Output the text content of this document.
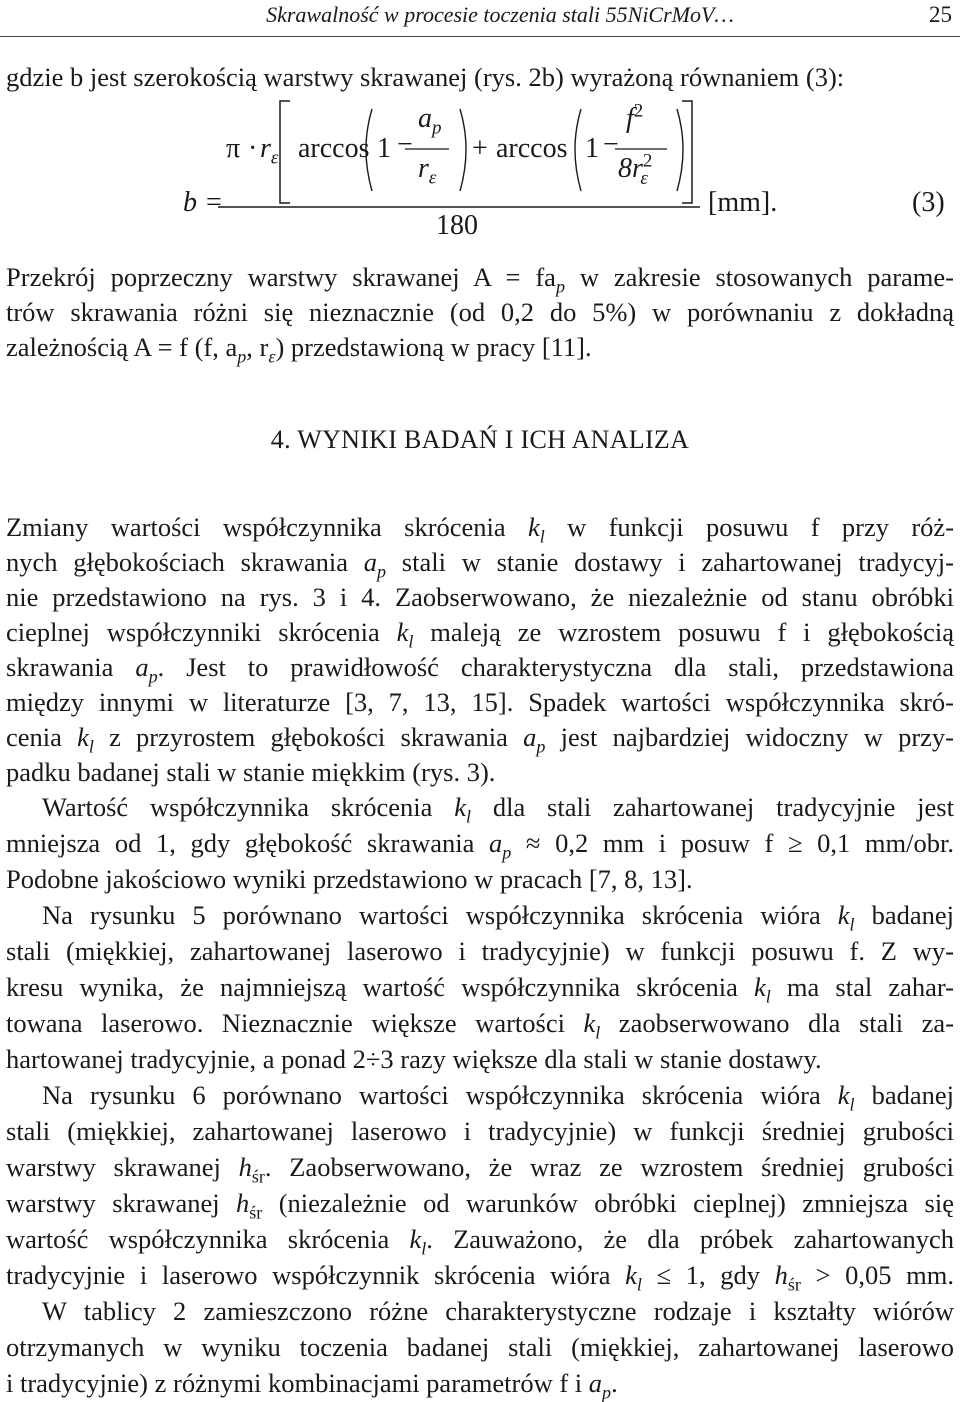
Skrawalność w procesie toczenia stali 55NiCrMoV…	25
gdzie b jest szerokością warstwy skrawanej (rys. 2b) wyrażoną równaniem (3):
b =
$\pi \cdot r_\varepsilon$ arccos 1 −
$a_p$
$r_\varepsilon$
+ arccos 1 −
$f^2$
$8r^2_\varepsilon$
180
[mm].	(3)
Przekrój poprzeczny warstwy skrawanej $A = fa_p$ w zakresie stosowanych parame-
trów skrawania różni się nieznacznie (od 0,2 do 5%) w porównaniu z dokładną
zależnością A = f (f, $a_p$, $r_\varepsilon$) przedstawioną w pracy [11].
4. WYNIKI BADAŃ I ICH ANALIZA
Zmiany wartości współczynnika skrócenia $k_l$ w funkcji posuwu f przy róż-
nych głębokościach skrawania $a_p$ stali w stanie dostawy i zahartowanej tradycyj-
nie przedstawiono na rys. 3 i 4. Zaobserwowano, że niezależnie od stanu obróbki
cieplnej współczynniki skrócenia $k_l$ maleją ze wzrostem posuwu f i głębokością
skrawania $a_p$. Jest to prawidłowość charakterystyczna dla stali, przedstawiona
między innymi w literaturze [3, 7, 13, 15]. Spadek wartości współczynnika skró-
cenia $k_l$ z przyrostem głębokości skrawania $a_p$ jest najbardziej widoczny w przy-
padku badanej stali w stanie miękkim (rys. 3).
Wartość współczynnika skrócenia $k_l$ dla stali zahartowanej tradycyjnie jest
mniejsza od 1, gdy głębokość skrawania $a_p \approx 0,2$ mm i posuw f ≥ 0,1 mm/obr.
Podobne jakościowo wyniki przedstawiono w pracach [7, 8, 13].
Na rysunku 5 porównano wartości współczynnika skrócenia wióra $k_l$ badanej
stali (miękkiej, zahartowanej laserowo i tradycyjnie) w funkcji posuwu f. Z wy-
kresu wynika, że najmniejszą wartość współczynnika skrócenia $k_l$ ma stal zahar-
towana laserowo. Nieznacznie większe wartości $k_l$ zaobserwowano dla stali za-
hartowanej tradycyjnie, a ponad 2÷3 razy większe dla stali w stanie dostawy.
Na rysunku 6 porównano wartości współczynnika skrócenia wióra $k_l$ badanej
stali (miękkiej, zahartowanej laserowo i tradycyjnie) w funkcji średniej grubości
warstwy skrawanej $h_{śr}$. Zaobserwowano, że wraz ze wzrostem średniej grubości
warstwy skrawanej $h_{śr}$ (niezależnie od warunków obróbki cieplnej) zmniejsza się
wartość współczynnika skrócenia $k_l$. Zauważono, że dla próbek zahartowanych
tradycyjnie i laserowo współczynnik skrócenia wióra $k_l \le 1$, gdy $h_{śr} > 0,05$ mm.
W tablicy 2 zamieszczono różne charakterystyczne rodzaje i kształty wiórów
otrzymanych w wyniku toczenia badanej stali (miękkiej, zahartowanej laserowo
i tradycyjnie) z różnymi kombinacjami parametrów f i $a_p$.
